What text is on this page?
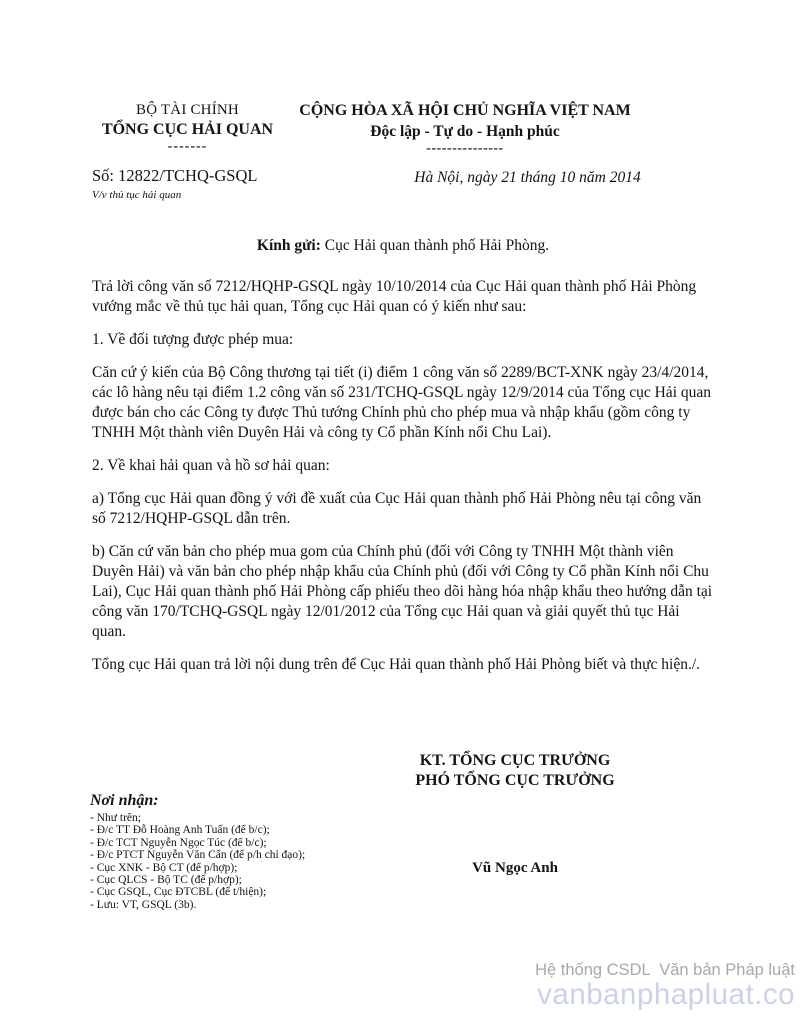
BỘ TÀI CHÍNH
TỔNG CỤC HẢI QUAN
-------
CỘNG HÒA XÃ HỘI CHỦ NGHĨA VIỆT NAM
Độc lập - Tự do - Hạnh phúc
---------------
Số: 12822/TCHQ-GSQL
V/v thủ tục hải quan
Hà Nội, ngày 21 tháng 10 năm 2014
Kính gửi: Cục Hải quan thành phố Hải Phòng.

Trả lời công văn số 7212/HQHP-GSQL ngày 10/10/2014 của Cục Hải quan thành phố Hải Phòng vướng mắc về thủ tục hải quan, Tổng cục Hải quan có ý kiến như sau:

1. Về đối tượng được phép mua:

Căn cứ ý kiến của Bộ Công thương tại tiết (i) điểm 1 công văn số 2289/BCT-XNK ngày 23/4/2014, các lô hàng nêu tại điểm 1.2 công văn số 231/TCHQ-GSQL ngày 12/9/2014 của Tổng cục Hải quan được bán cho các Công ty được Thủ tướng Chính phủ cho phép mua và nhập khẩu (gồm công ty TNHH Một thành viên Duyên Hải và công ty Cổ phần Kính nổi Chu Lai).

2. Về khai hải quan và hồ sơ hải quan:

a) Tổng cục Hải quan đồng ý với đề xuất của Cục Hải quan thành phố Hải Phòng nêu tại công văn số 7212/HQHP-GSQL dẫn trên.

b) Căn cứ văn bản cho phép mua gom của Chính phủ (đối với Công ty TNHH Một thành viên Duyên Hải) và văn bản cho phép nhập khẩu của Chính phủ (đối với Công ty Cổ phần Kính nổi Chu Lai), Cục Hải quan thành phố Hải Phòng cấp phiếu theo dõi hàng hóa nhập khẩu theo hướng dẫn tại công văn 170/TCHQ-GSQL ngày 12/01/2012 của Tổng cục Hải quan và giải quyết thủ tục Hải quan.

Tổng cục Hải quan trả lời nội dung trên để Cục Hải quan thành phố Hải Phòng biết và thực hiện./.

KT. TỔNG CỤC TRƯỞNG
PHÓ TỔNG CỤC TRƯỞNG
Nơi nhận:
- Như trên;
- Đ/c TT Đỗ Hoàng Anh Tuấn (để b/c);
- Đ/c TCT Nguyễn Ngọc Túc (để b/c);
- Đ/c PTCT Nguyễn Văn Cẩn (để p/h chỉ đạo);
- Cục XNK - Bộ CT (để p/hợp);
- Cục QLCS - Bộ TC (để p/hợp);
- Cục GSQL, Cục ĐTCBL (để t/hiện);
- Lưu: VT, GSQL (3b).
Vũ Ngọc Anh
Hệ thống CSDL  Văn bản Pháp luật
vanbanphapluat.co
